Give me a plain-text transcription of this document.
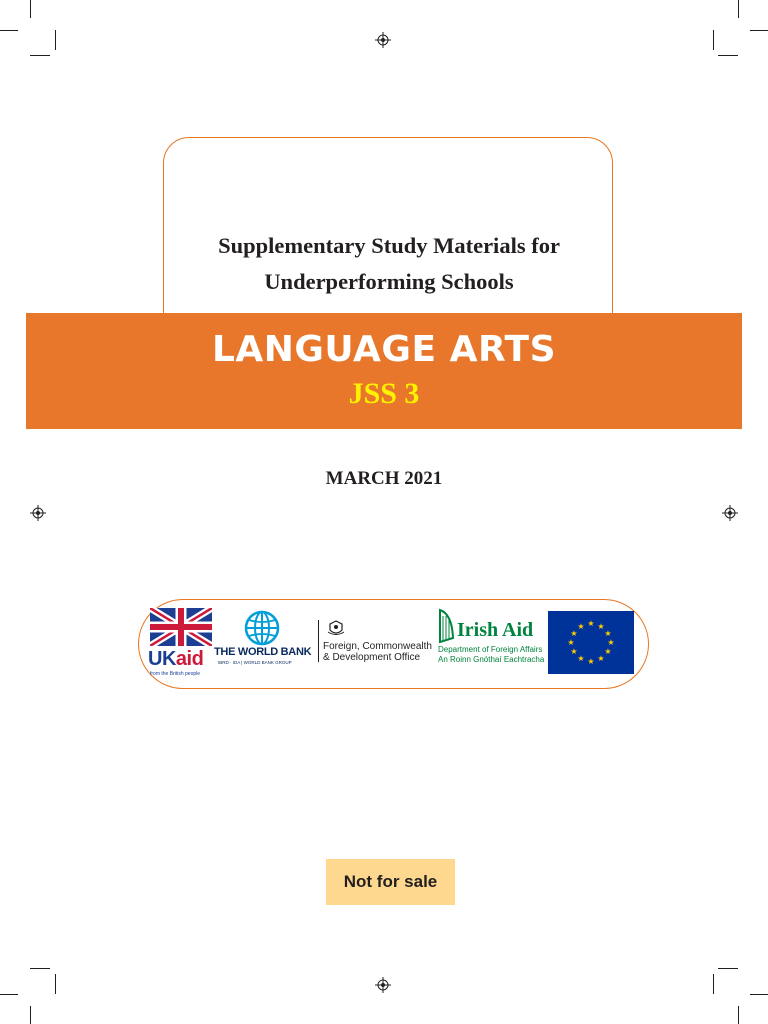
Supplementary Study Materials for
Underperforming Schools
LANGUAGE ARTS
JSS 3
MARCH 2021
UKaid
from the British people
THE WORLD BANK
IBRD · IDA | WORLD BANK GROUP
Foreign, Commonwealth
& Development Office
Irish Aid
Department of Foreign Affairs
An Roinn Gnóthaí Eachtracha
★ ★
★
★
★
★
★
★
★
★
★
★
Not for sale
